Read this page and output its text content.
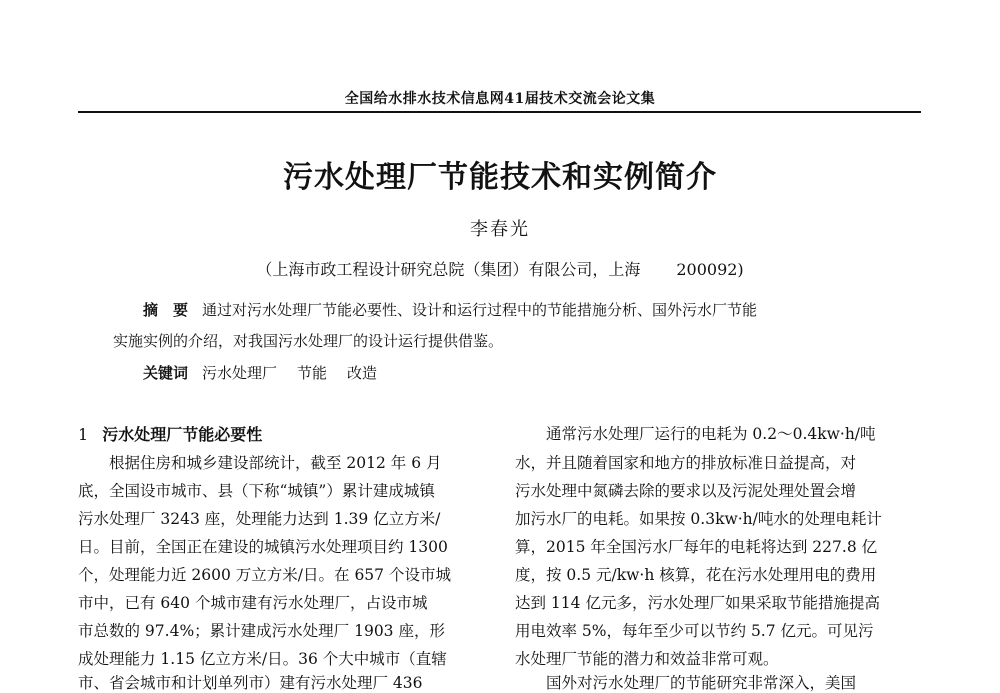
全国给水排水技术信息网41届技术交流会论文集
污水处理厂节能技术和实例简介
李春光
（上海市政工程设计研究总院（集团）有限公司，上海 200092)
摘　要 通过对污水处理厂节能必要性、设计和运行过程中的节能措施分析、国外污水厂节能
实施实例的介绍，对我国污水处理厂的设计运行提供借鉴。
关键词 污水处理厂 节能 改造
1 污水处理厂节能必要性
　　根据住房和城乡建设部统计，截至 2012 年 6 月
底，全国设市城市、县（下称“城镇”）累计建成城镇
污水处理厂 3243 座，处理能力达到 1.39 亿立方米/
日。目前，全国正在建设的城镇污水处理项目约 1300
个，处理能力近 2600 万立方米/日。在 657 个设市城
市中，已有 640 个城市建有污水处理厂，占设市城
市总数的 97.4%；累计建成污水处理厂 1903 座，形
成处理能力 1.15 亿立方米/日。36 个大中城市（直辖
市、省会城市和计划单列市）建有污水处理厂 436
　　通常污水处理厂运行的电耗为 0.2～0.4kw·h/吨
水，并且随着国家和地方的排放标准日益提高，对
污水处理中氮磷去除的要求以及污泥处理处置会增
加污水厂的电耗。如果按 0.3kw·h/吨水的处理电耗计
算，2015 年全国污水厂每年的电耗将达到 227.8 亿
度，按 0.5 元/kw·h 核算，花在污水处理用电的费用
达到 114 亿元多，污水处理厂如果采取节能措施提高
用电效率 5%，每年至少可以节约 5.7 亿元。可见污
水处理厂节能的潜力和效益非常可观。
　　国外对污水处理厂的节能研究非常深入，美国
